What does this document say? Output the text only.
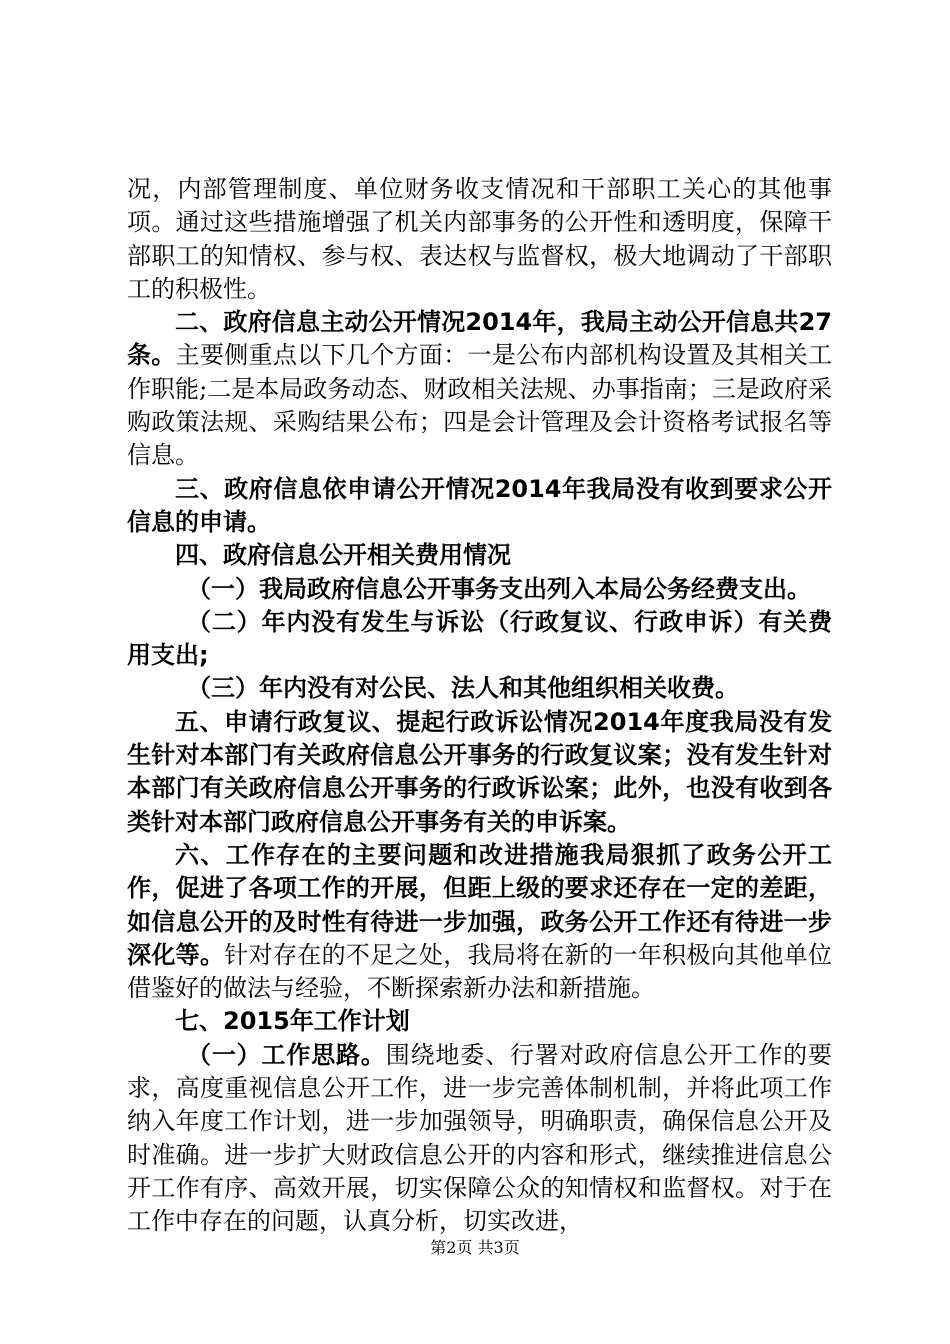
况，内部管理制度、单位财务收支情况和干部职工关心的其他事项。通过这些措施增强了机关内部事务的公开性和透明度，保障干部职工的知情权、参与权、表达权与监督权，极大地调动了干部职工的积极性。

二、政府信息主动公开情况2014年，我局主动公开信息共27条。主要侧重点以下几个方面：一是公布内部机构设置及其相关工作职能;二是本局政务动态、财政相关法规、办事指南；三是政府采购政策法规、采购结果公布；四是会计管理及会计资格考试报名等信息。

三、政府信息依申请公开情况2014年我局没有收到要求公开信息的申请。

四、政府信息公开相关费用情况

（一）我局政府信息公开事务支出列入本局公务经费支出。

（二）年内没有发生与诉讼（行政复议、行政申诉）有关费用支出;

（三）年内没有对公民、法人和其他组织相关收费。

五、申请行政复议、提起行政诉讼情况2014年度我局没有发生针对本部门有关政府信息公开事务的行政复议案；没有发生针对本部门有关政府信息公开事务的行政诉讼案；此外，也没有收到各类针对本部门政府信息公开事务有关的申诉案。

六、工作存在的主要问题和改进措施我局狠抓了政务公开工作，促进了各项工作的开展，但距上级的要求还存在一定的差距，如信息公开的及时性有待进一步加强，政务公开工作还有待进一步深化等。针对存在的不足之处，我局将在新的一年积极向其他单位借鉴好的做法与经验，不断探索新办法和新措施。

七、2015年工作计划

（一）工作思路。围绕地委、行署对政府信息公开工作的要求，高度重视信息公开工作，进一步完善体制机制，并将此项工作纳入年度工作计划，进一步加强领导，明确职责，确保信息公开及时准确。进一步扩大财政信息公开的内容和形式，继续推进信息公开工作有序、高效开展，切实保障公众的知情权和监督权。对于在工作中存在的问题，认真分析，切实改进，

第2页 共3页
